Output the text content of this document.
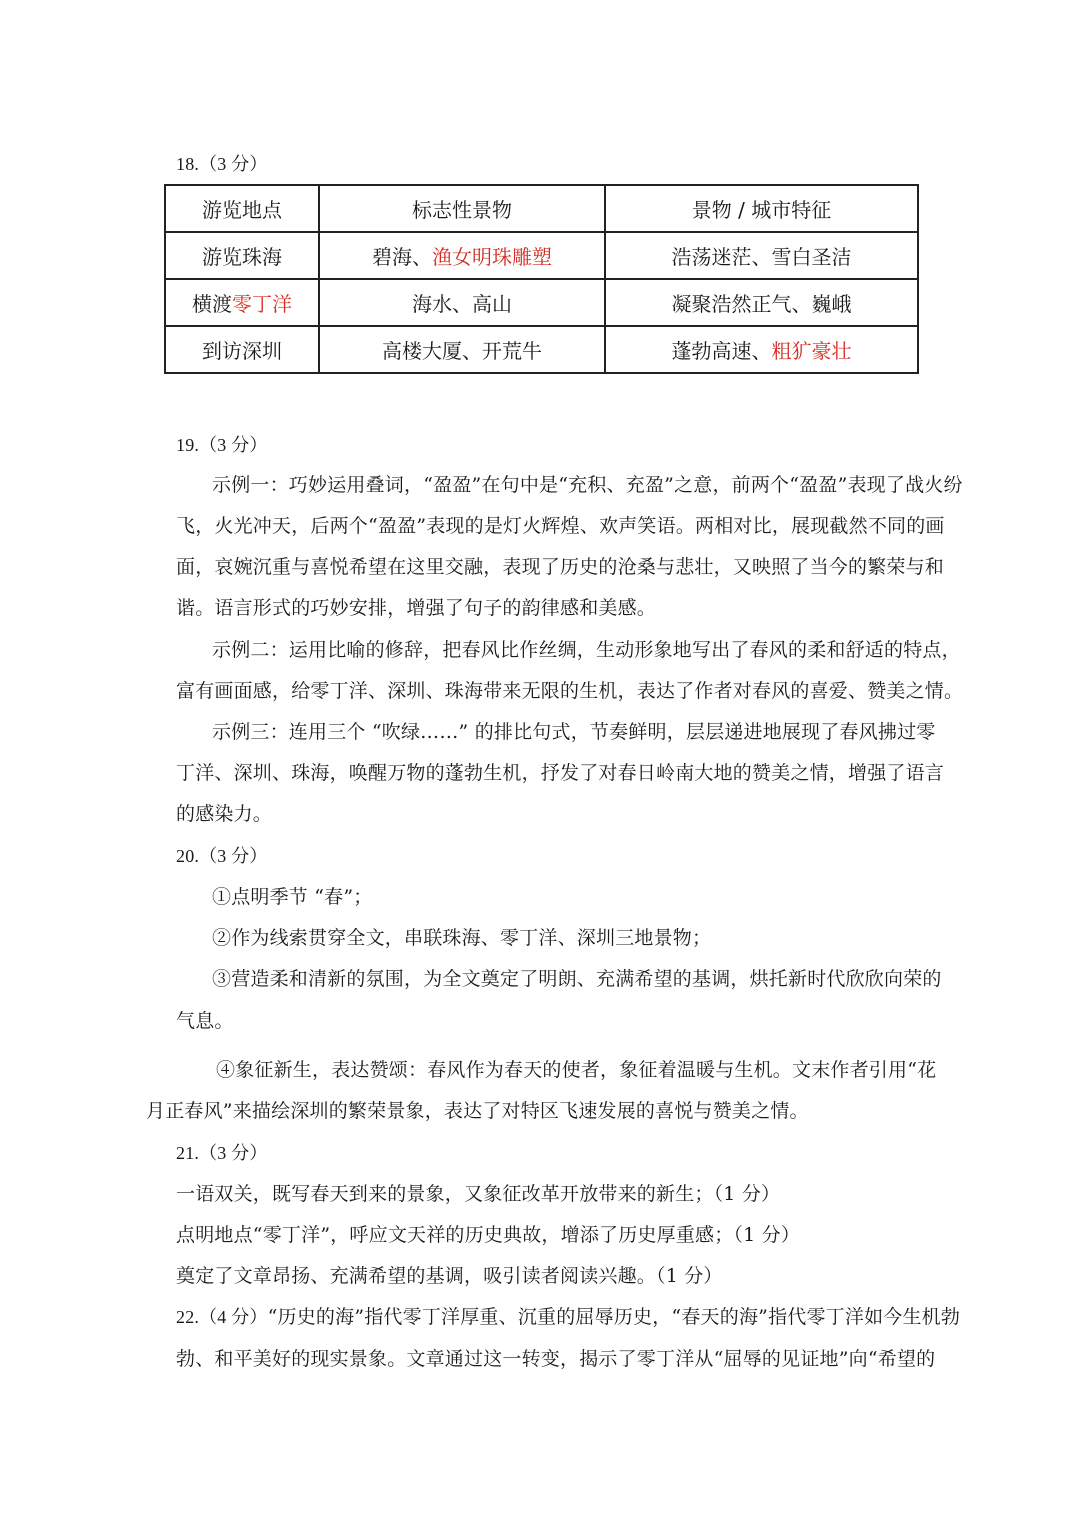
18.（3 分）
游览地点	标志性景物	景物 / 城市特征
游览珠海	碧海、渔女明珠雕塑	浩荡迷茫、雪白圣洁
横渡零丁洋	海水、高山	凝聚浩然正气、巍峨
到访深圳	高楼大厦、开荒牛	蓬勃高速、粗犷豪壮
19.（3 分）
示例一：巧妙运用叠词，“盈盈”在句中是“充积、充盈”之意，前两个“盈盈”表现了战火纷
飞，火光冲天，后两个“盈盈”表现的是灯火辉煌、欢声笑语。两相对比，展现截然不同的画
面，哀婉沉重与喜悦希望在这里交融，表现了历史的沧桑与悲壮，又映照了当今的繁荣与和
谐。语言形式的巧妙安排，增强了句子的韵律感和美感。
示例二：运用比喻的修辞，把春风比作丝绸，生动形象地写出了春风的柔和舒适的特点，
富有画面感，给零丁洋、深圳、珠海带来无限的生机，表达了作者对春风的喜爱、赞美之情。
示例三：连用三个 “吹绿……” 的排比句式，节奏鲜明，层层递进地展现了春风拂过零
丁洋、深圳、珠海，唤醒万物的蓬勃生机，抒发了对春日岭南大地的赞美之情，增强了语言
的感染力。
20.（3 分）
①点明季节 “春”；
②作为线索贯穿全文，串联珠海、零丁洋、深圳三地景物；
③营造柔和清新的氛围，为全文奠定了明朗、充满希望的基调，烘托新时代欣欣向荣的
气息。
④象征新生，表达赞颂：春风作为春天的使者，象征着温暖与生机。文末作者引用“花
月正春风”来描绘深圳的繁荣景象，表达了对特区飞速发展的喜悦与赞美之情。
21.（3 分）
一语双关，既写春天到来的景象，又象征改革开放带来的新生；（1 分）
点明地点“零丁洋”，呼应文天祥的历史典故，增添了历史厚重感；（1 分）
奠定了文章昂扬、充满希望的基调，吸引读者阅读兴趣。（1 分）
22.（4 分）“历史的海”指代零丁洋厚重、沉重的屈辱历史，“春天的海”指代零丁洋如今生机勃
勃、和平美好的现实景象。文章通过这一转变，揭示了零丁洋从“屈辱的见证地”向“希望的
